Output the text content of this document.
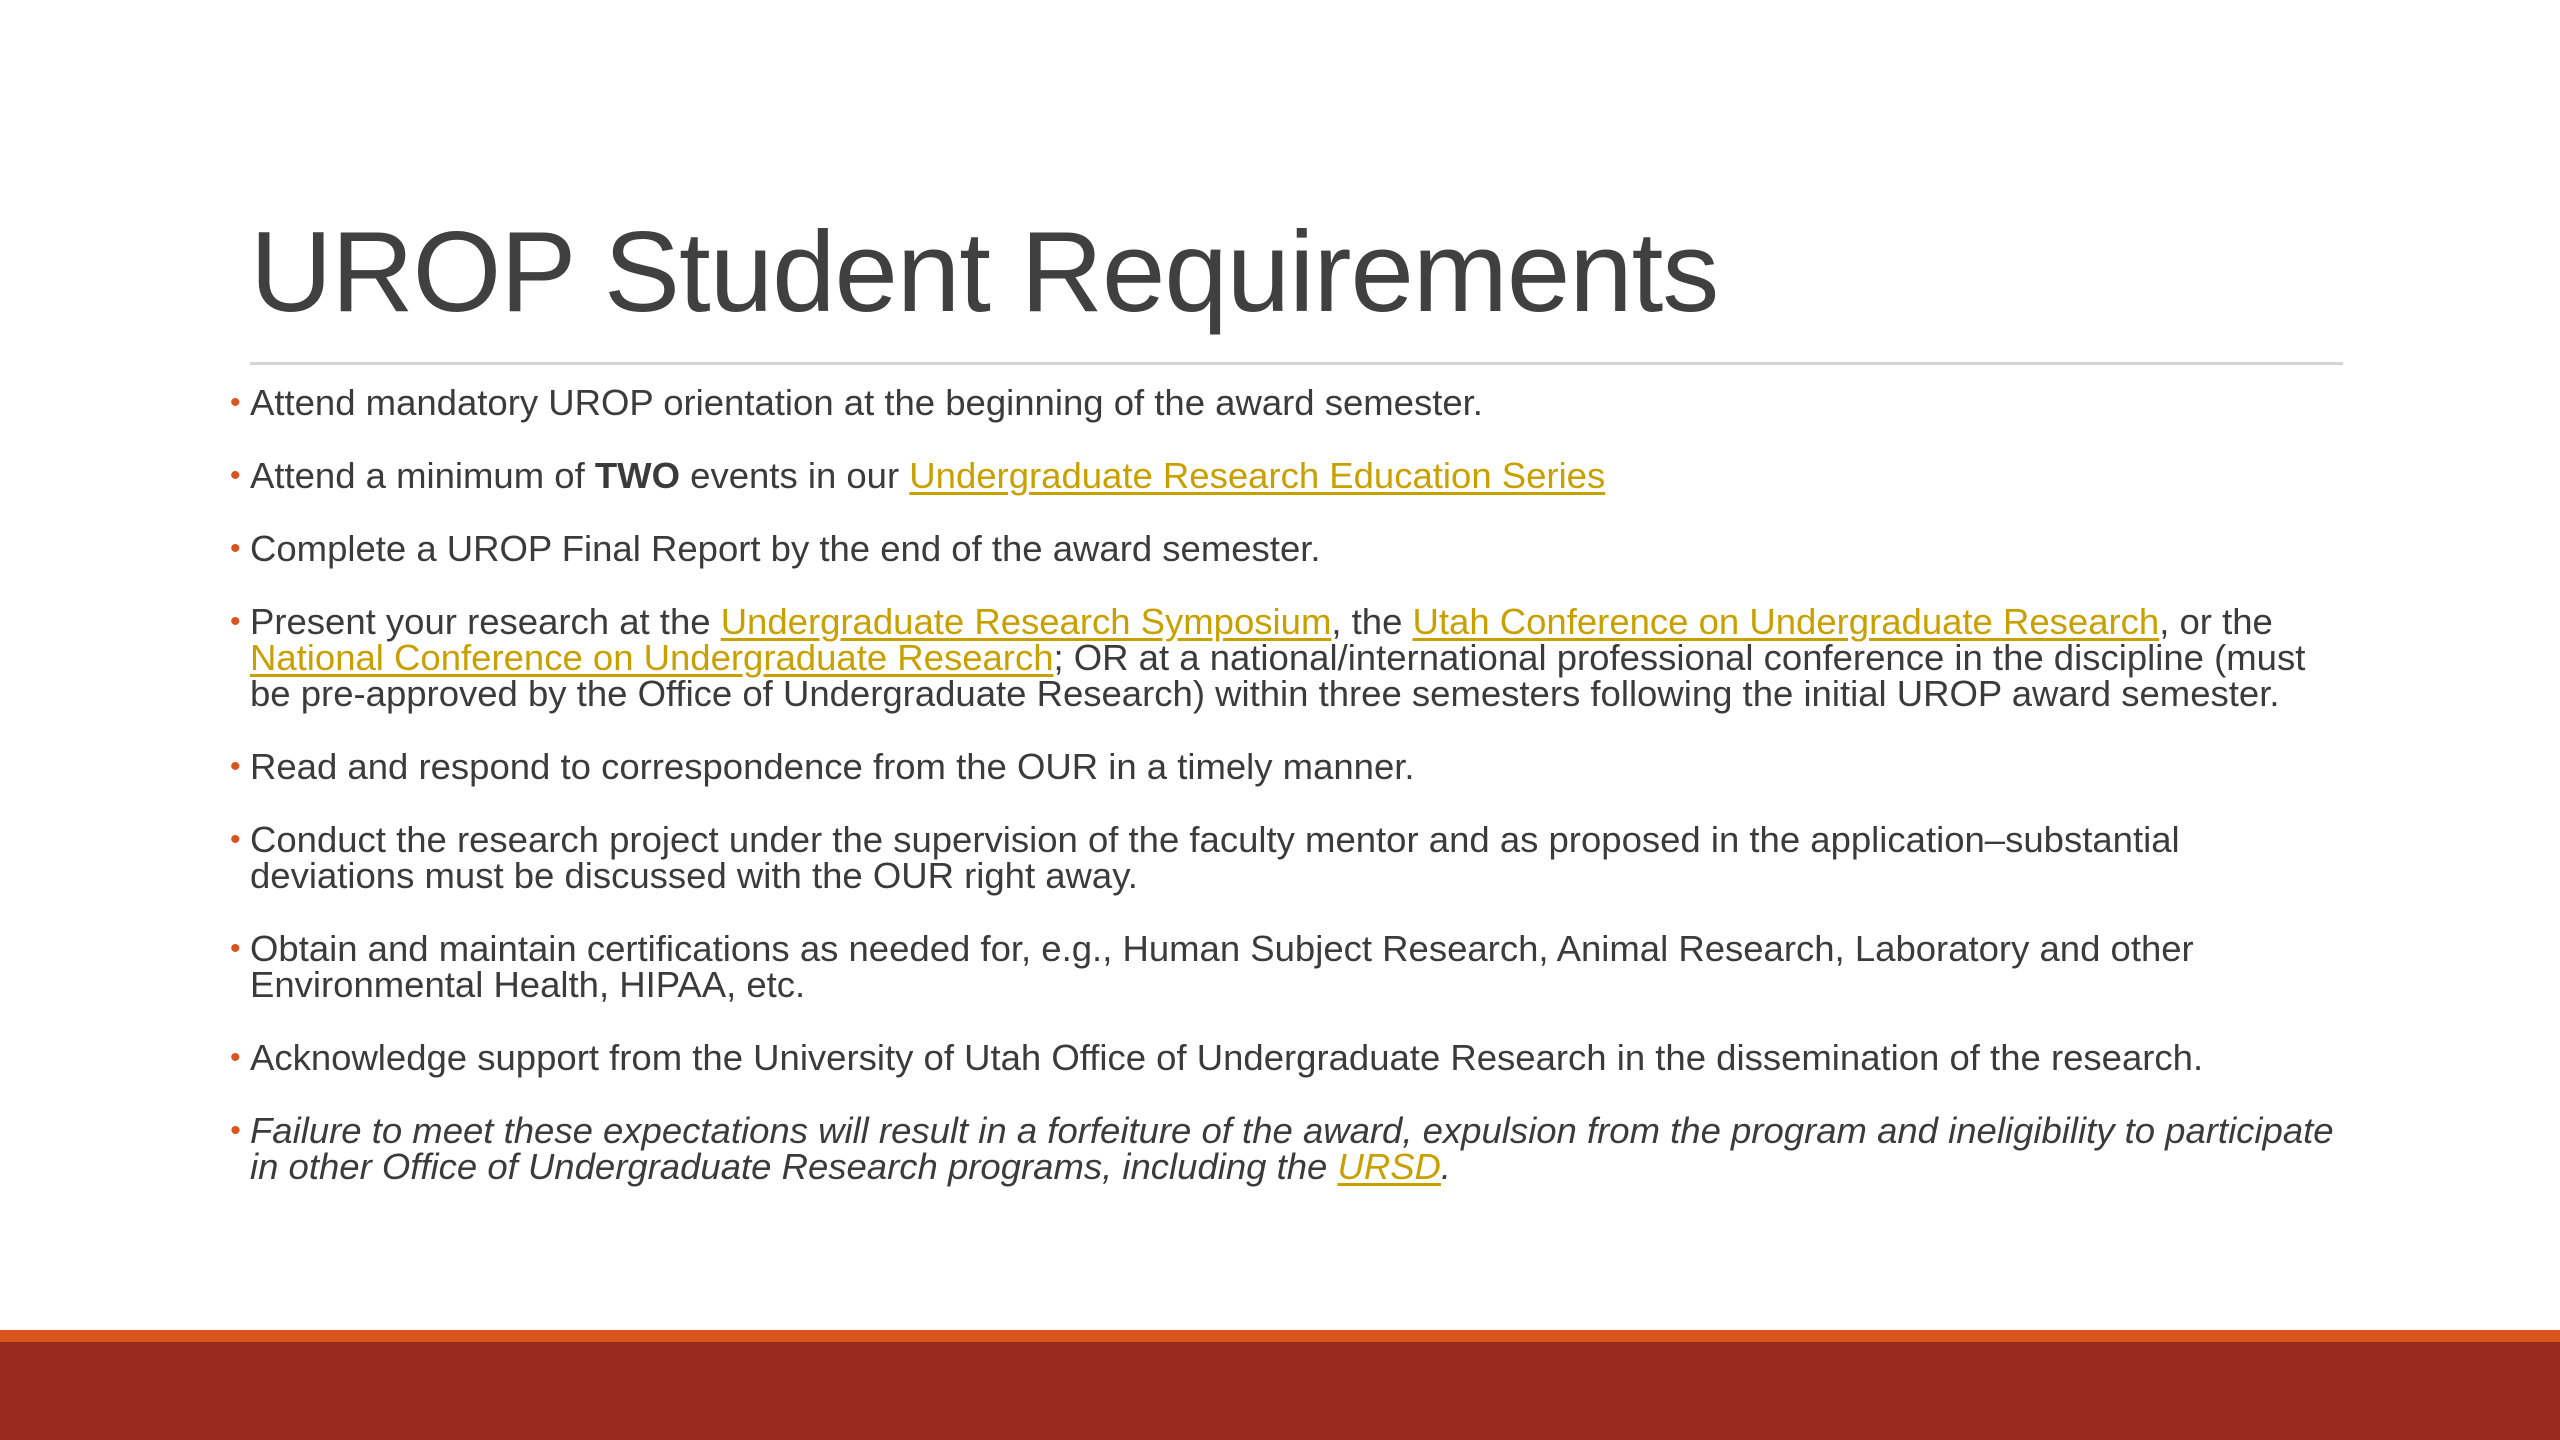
UROP Student Requirements
• Attend mandatory UROP orientation at the beginning of the award semester.
• Attend a minimum of TWO events in our Undergraduate Research Education Series
• Complete a UROP Final Report by the end of the award semester.
• Present your research at the Undergraduate Research Symposium, the Utah Conference on Undergraduate Research, or the National Conference on Undergraduate Research; OR at a national/international professional conference in the discipline (must be pre-approved by the Office of Undergraduate Research) within three semesters following the initial UROP award semester.
• Read and respond to correspondence from the OUR in a timely manner.
• Conduct the research project under the supervision of the faculty mentor and as proposed in the application–substantial deviations must be discussed with the OUR right away.
• Obtain and maintain certifications as needed for, e.g., Human Subject Research, Animal Research, Laboratory and other Environmental Health, HIPAA, etc.
• Acknowledge support from the University of Utah Office of Undergraduate Research in the dissemination of the research.
• Failure to meet these expectations will result in a forfeiture of the award, expulsion from the program and ineligibility to participate in other Office of Undergraduate Research programs, including the URSD.
